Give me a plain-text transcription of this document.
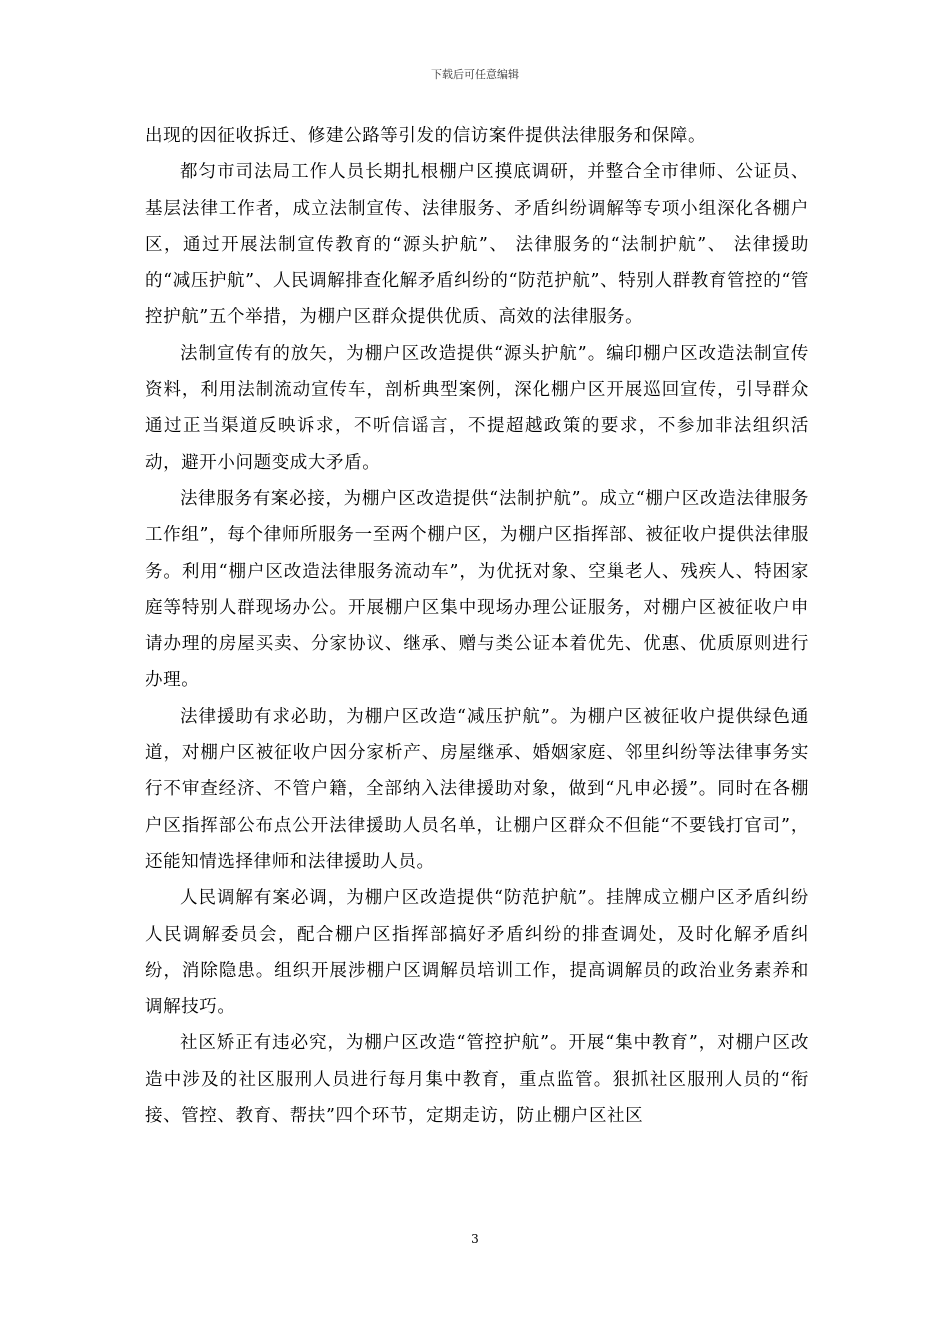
下载后可任意编辑

出现的因征收拆迁、修建公路等引发的信访案件提供法律服务和保障。

都匀市司法局工作人员长期扎根棚户区摸底调研，并整合全市律师、公证员、基层法律工作者，成立法制宣传、法律服务、矛盾纠纷调解等专项小组深化各棚户区，通过开展法制宣传教育的“源头护航”、 法律服务的“法制护航”、 法律援助的“减压护航”、人民调解排查化解矛盾纠纷的“防范护航”、特别人群教育管控的“管控护航”五个举措，为棚户区群众提供优质、高效的法律服务。

法制宣传有的放矢，为棚户区改造提供“源头护航”。编印棚户区改造法制宣传资料，利用法制流动宣传车，剖析典型案例，深化棚户区开展巡回宣传，引导群众通过正当渠道反映诉求，不听信谣言，不提超越政策的要求，不参加非法组织活动，避开小问题变成大矛盾。

法律服务有案必接，为棚户区改造提供“法制护航”。成立“棚户区改造法律服务工作组”，每个律师所服务一至两个棚户区，为棚户区指挥部、被征收户提供法律服务。利用“棚户区改造法律服务流动车”，为优抚对象、空巢老人、残疾人、特困家庭等特别人群现场办公。开展棚户区集中现场办理公证服务，对棚户区被征收户申请办理的房屋买卖、分家协议、继承、赠与类公证本着优先、优惠、优质原则进行办理。

法律援助有求必助，为棚户区改造“减压护航”。为棚户区被征收户提供绿色通道，对棚户区被征收户因分家析产、房屋继承、婚姻家庭、邻里纠纷等法律事务实行不审查经济、不管户籍，全部纳入法律援助对象，做到“凡申必援”。同时在各棚户区指挥部公布点公开法律援助人员名单，让棚户区群众不但能“不要钱打官司”，还能知情选择律师和法律援助人员。

人民调解有案必调，为棚户区改造提供“防范护航”。挂牌成立棚户区矛盾纠纷人民调解委员会，配合棚户区指挥部搞好矛盾纠纷的排查调处，及时化解矛盾纠纷，消除隐患。组织开展涉棚户区调解员培训工作，提高调解员的政治业务素养和调解技巧。

社区矫正有违必究，为棚户区改造“管控护航”。开展“集中教育”，对棚户区改造中涉及的社区服刑人员进行每月集中教育，重点监管。狠抓社区服刑人员的“衔接、管控、教育、帮扶”四个环节，定期走访，防止棚户区社区

3
